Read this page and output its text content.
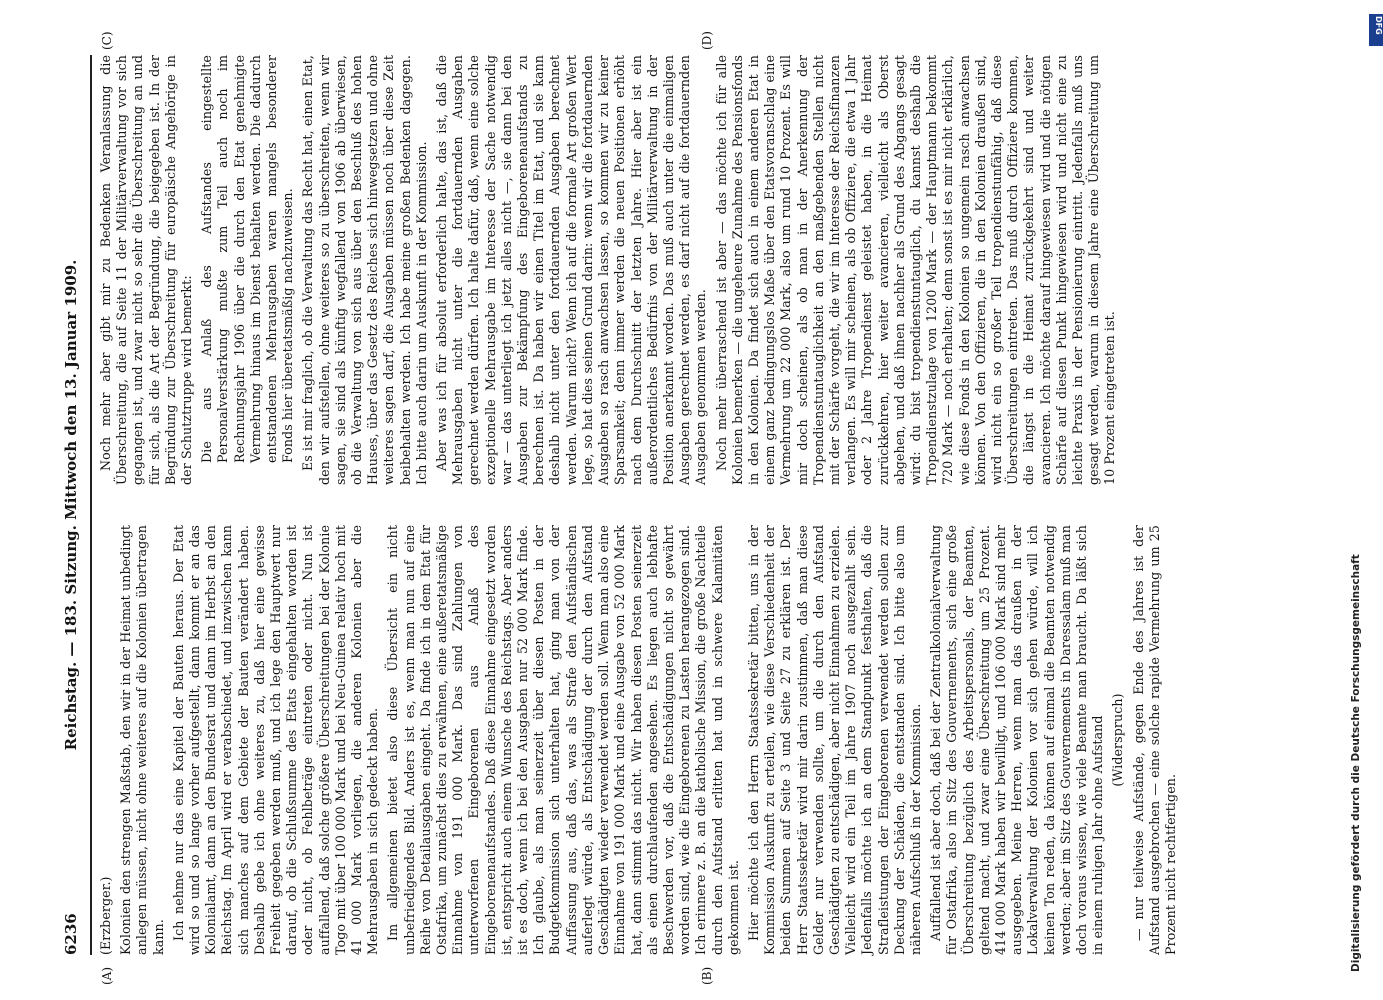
6236
Reichstag. — 183. Sitzung. Mittwoch den 13. Januar 1909.

(Erzberger.) Kolonien den strengen Maßstab, den wir in der Heimat unbedingt anlegen müssen, nicht ohne weiteres auf die Kolonien übertragen kann. Ich nehme nur das eine Kapitel der Bauten heraus. Der Etat wird so und so lange vorher aufgestellt, dann kommt er an das Kolonialamt, dann an den Bundesrat und dann im Herbst an den Reichstag. Im April wird er verabschiedet, und inzwischen kann sich manches auf dem Gebiete der Bauten verändert haben. Deshalb gebe ich ohne weiteres zu, daß hier eine gewisse Freiheit gegeben werden muß, und ich lege den Hauptwert nur darauf, ob die Schlußsumme des Etats eingehalten worden ist oder nicht, ob Fehlbeträge eintreten oder nicht. Nun ist auffallend, daß solche größere Überschreitungen bei der Kolonie Togo mit über 100 000 Mark und bei Neu-Guinea relativ hoch mit 41 000 Mark vorliegen, die anderen Kolonien aber die Mehrausgaben in sich gedeckt haben. Im allgemeinen bietet also diese Übersicht ein nicht unbefriedigendes Bild. Anders ist es, wenn man nun auf eine Reihe von Detailausgaben eingeht. Da finde ich in dem Etat für Ostafrika, um zunächst dies zu erwähnen, eine außeretatsmäßige Einnahme von 191 000 Mark. Das sind Zahlungen von unterworfenen Eingeborenen aus Anlaß des Eingeborenenaufstandes. Daß diese Einnahme eingesetzt worden ist, entspricht auch einem Wunsche des Reichstags. Aber anders ist es doch, wenn ich bei den Ausgaben nur 52 000 Mark finde. Ich glaube, als man seinerzeit über diesen Posten in der Budgetkommission sich unterhalten hat, ging man von der Auffassung aus, daß das, was als Strafe den Aufständischen auferlegt würde, als Entschädigung der durch den Aufstand Geschädigten wieder verwendet werden soll. Wenn man also eine Einnahme von 191 000 Mark und eine Ausgabe von 52 000 Mark hat, dann stimmt das nicht. Wir haben diesen Posten seinerzeit als einen durchlaufenden angesehen. Es liegen auch lebhafte Beschwerden vor, daß die Entschädigungen nicht so gewährt worden sind, wie die Eingeborenen zu Lasten herangezogen sind. Ich erinnere z. B. an die katholische Mission, die große Nachteile durch den Aufstand erlitten hat und in schwere Kalamitäten gekommen ist. Hier möchte ich den Herrn Staatssekretär bitten, uns in der Kommission Auskunft zu erteilen, wie diese Verschiedenheit der beiden Summen auf Seite 3 und Seite 27 zu erklären ist. Der Herr Staatssekretär wird mir darin zustimmen, daß man diese Gelder nur verwenden sollte, um die durch den Aufstand Geschädigten zu entschädigen, aber nicht Einnahmen zu erzielen. Vielleicht wird ein Teil im Jahre 1907 noch ausgezahlt sein. Jedenfalls möchte ich an dem Standpunkt festhalten, daß die Strafleistungen der Eingeborenen verwendet werden sollen zur Deckung der Schäden, die entstanden sind. Ich bitte also um näheren Aufschluß in der Kommission. Auffallend ist aber doch, daß bei der Zentralkolonialverwaltung für Ostafrika, also im Sitz des Gouvernements, sich eine große Überschreitung bezüglich des Arbeitspersonals, der Beamten, geltend macht, und zwar eine Überschreitung um 25 Prozent. 414 000 Mark haben wir bewilligt, und 106 000 Mark sind mehr ausgegeben. Meine Herren, wenn man das draußen in der Lokalverwaltung der Kolonien vor sich gehen würde, will ich keinen Ton reden, da können auf einmal die Beamten notwendig werden; aber im Sitz des Gouvernements in Daressalam muß man doch voraus wissen, wie viele Beamte man braucht. Da läßt sich in einem ruhigen Jahr ohne Aufstand (Widerspruch) — nur teilweise Aufstände, gegen Ende des Jahres ist der Aufstand ausgebrochen — eine solche rapide Vermehrung um 25 Prozent nicht rechtfertigen.

Noch mehr aber gibt mir zu Bedenken Veranlassung die Überschreitung, die auf Seite 11 der Militärverwaltung vor sich gegangen ist, und zwar nicht so sehr die Überschreitung an und für sich, als die Art der Begründung, die beigegeben ist. In der Begründung zur Überschreitung für europäische Angehörige in der Schutztruppe wird bemerkt: Die aus Anlaß des Aufstandes eingestellte Personalverstärkung mußte zum Teil auch noch im Rechnungsjahr 1906 über die durch den Etat genehmigte Vermehrung hinaus im Dienst behalten werden. Die dadurch entstandenen Mehrausgaben waren mangels besonderer Fonds hier überetatsmäßig nachzuweisen. Es ist mir fraglich, ob die Verwaltung das Recht hat, einen Etat, den wir aufstellen, ohne weiteres so zu überschreiten, wenn wir sagen, sie sind als künftig wegfallend von 1906 ab überwiesen, ob die Verwaltung von sich aus über den Beschluß des hohen Hauses, über das Gesetz des Reiches sich hinwegsetzen und ohne weiteres sagen darf, die Ausgaben müssen noch über diese Zeit beibehalten werden. Ich habe meine großen Bedenken dagegen. Ich bitte auch darin um Auskunft in der Kommission. Aber was ich für absolut erforderlich halte, das ist, daß die Mehrausgaben nicht unter die fortdauernden Ausgaben gerechnet werden dürfen. Ich halte dafür, daß, wenn eine solche exzeptionelle Mehrausgabe im Interesse der Sache notwendig war — das unterliegt ich jetzt alles nicht —, sie dann bei den Ausgaben zur Bekämpfung des Eingeborenenaufstands zu berechnen ist. Da haben wir einen Titel im Etat, und sie kann deshalb nicht unter den fortdauernden Ausgaben berechnet werden. Warum nicht? Wenn ich auf die formale Art großen Wert lege, so hat dies seinen Grund darin: wenn wir die fortdauernden Ausgaben so rasch anwachsen lassen, so kommen wir zu keiner Sparsamkeit; denn immer werden die neuen Positionen erhöht nach dem Durchschnitt der letzten Jahre. Hier aber ist ein außerordentliches Bedürfnis von der Militärverwaltung in der Position anerkannt worden. Das muß auch unter die einmaligen Ausgaben gerechnet werden, es darf nicht auf die fortdauernden Ausgaben genommen werden. Noch mehr überraschend ist aber — das möchte ich für alle Kolonien bemerken — die ungeheure Zunahme des Pensionsfonds in den Kolonien. Da findet sich auch in einem anderen Etat in einem ganz bedingungslos Maße über den Etatsvoranschlag eine Vermehrung um 22 000 Mark, also um rund 10 Prozent. Es will mir doch scheinen, als ob man in der Anerkennung der Tropendienstuntauglichkeit an den maßgebenden Stellen nicht mit der Schärfe vorgeht, die wir im Interesse der Reichsfinanzen verlangen. Es will mir scheinen, als ob Offiziere, die etwa 1 Jahr oder 2 Jahre Tropendienst geleistet haben, in die Heimat zurückkehren, hier weiter avancieren, vielleicht als Oberst abgehen, und daß ihnen nachher als Grund des Abgangs gesagt wird: du bist tropendienstuntauglich, du kannst deshalb die Tropendienstzulage von 1200 Mark — der Hauptmann bekommt 720 Mark — noch erhalten; denn sonst ist es mir nicht erklärlich, wie diese Fonds in den Kolonien so ungemein rasch anwachsen können. Von den Offizieren, die in den Kolonien draußen sind, wird nicht ein so großer Teil tropendienstunfähig, daß diese Überschreitungen eintreten. Das muß durch Offiziere kommen, die längst in die Heimat zurückgekehrt sind und weiter avancieren. Ich möchte darauf hingewiesen wird und die nötigen Schärfe auf diesen Punkt hingewiesen wird und nicht eine zu leichte Praxis in der Pensionierung eintritt. Jedenfalls muß uns gesagt werden, warum in diesem Jahre eine Überschreitung um 10 Prozent eingetreten ist.

(A)	(B)
(C)	(D)
Digitalisierung gefördert durch die Deutsche Forschungsgemeinschaft
DFG
